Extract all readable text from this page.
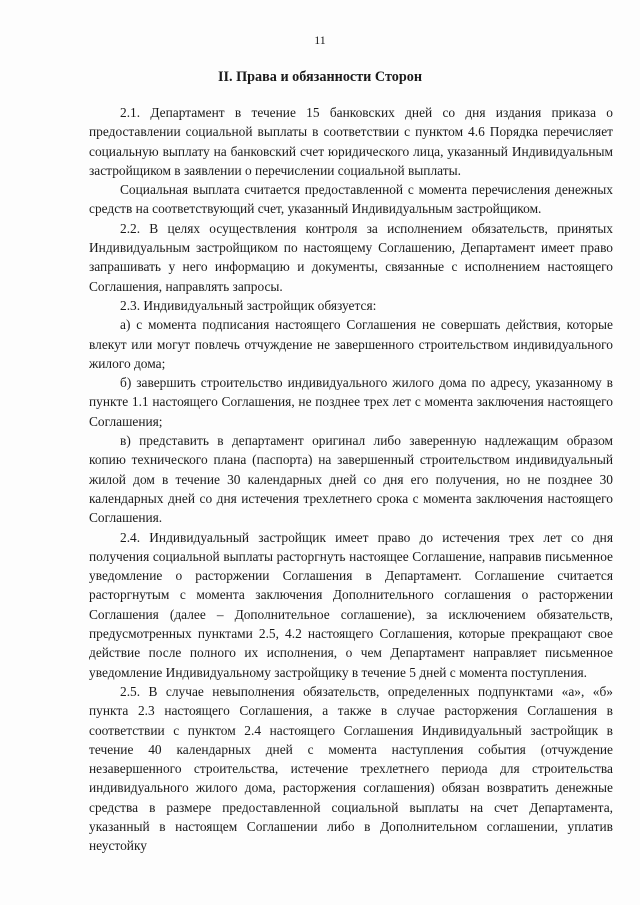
11
II. Права и обязанности Сторон

2.1. Департамент в течение 15 банковских дней со дня издания приказа о предоставлении социальной выплаты в соответствии с пунктом 4.6 Порядка перечисляет социальную выплату на банковский счет юридического лица, указанный Индивидуальным застройщиком в заявлении о перечислении социальной выплаты.

Социальная выплата считается предоставленной с момента перечисления денежных средств на соответствующий счет, указанный Индивидуальным застройщиком.

2.2. В целях осуществления контроля за исполнением обязательств, принятых Индивидуальным застройщиком по настоящему Соглашению, Департамент имеет право запрашивать у него информацию и документы, связанные с исполнением настоящего Соглашения, направлять запросы.

2.3. Индивидуальный застройщик обязуется:

а) с момента подписания настоящего Соглашения не совершать действия, которые влекут или могут повлечь отчуждение не завершенного строительством индивидуального жилого дома;

б) завершить строительство индивидуального жилого дома по адресу, указанному в пункте 1.1 настоящего Соглашения, не позднее трех лет с момента заключения настоящего Соглашения;

в) представить в департамент оригинал либо заверенную надлежащим образом копию технического плана (паспорта) на завершенный строительством индивидуальный жилой дом в течение 30 календарных дней со дня его получения, но не позднее 30 календарных дней со дня истечения трехлетнего срока с момента заключения настоящего Соглашения.

2.4. Индивидуальный застройщик имеет право до истечения трех лет со дня получения социальной выплаты расторгнуть настоящее Соглашение, направив письменное уведомление о расторжении Соглашения в Департамент. Соглашение считается расторгнутым с момента заключения Дополнительного соглашения о расторжении Соглашения (далее – Дополнительное соглашение), за исключением обязательств, предусмотренных пунктами 2.5, 4.2 настоящего Соглашения, которые прекращают свое действие после полного их исполнения, о чем Департамент направляет письменное уведомление Индивидуальному застройщику в течение 5 дней с момента поступления.

2.5. В случае невыполнения обязательств, определенных подпунктами «а», «б» пункта 2.3 настоящего Соглашения, а также в случае расторжения Соглашения в соответствии с пунктом 2.4 настоящего Соглашения Индивидуальный застройщик в течение 40 календарных дней с момента наступления события (отчуждение незавершенного строительства, истечение трехлетнего периода для строительства индивидуального жилого дома, расторжения соглашения) обязан возвратить денежные средства в размере предоставленной социальной выплаты на счет Департамента, указанный в настоящем Соглашении либо в Дополнительном соглашении, уплатив неустойку
